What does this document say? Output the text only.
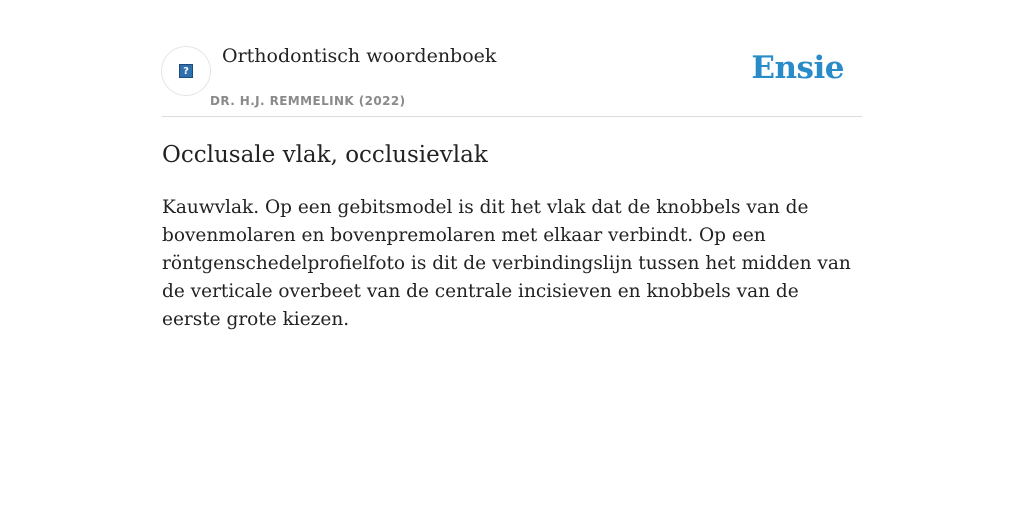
?
Orthodontisch woordenboek
DR. H.J. REMMELINK (2022)
Ensie
Occlusale vlak, occlusievlak

Kauwvlak. Op een gebitsmodel is dit het vlak dat de knobbels van de bovenmolaren en bovenpremolaren met elkaar verbindt. Op een röntgenschedelprofielfoto is dit de verbindingslijn tussen het midden van de verticale overbeet van de centrale incisieven en knobbels van de eerste grote kiezen.
